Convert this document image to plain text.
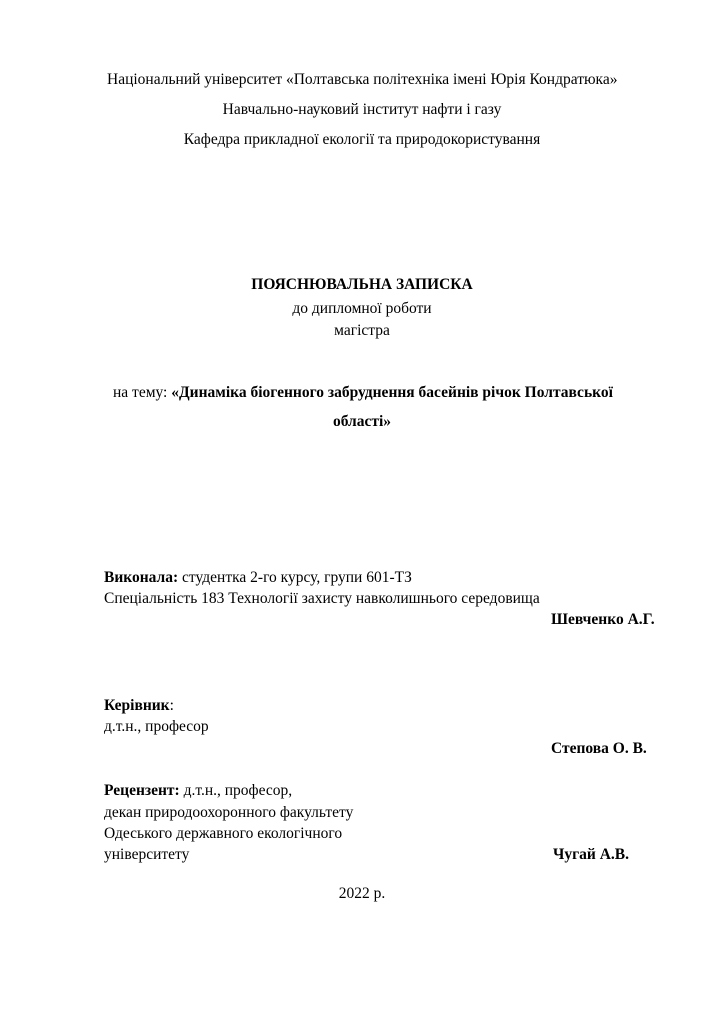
Національний університет «Полтавська політехніка імені Юрія Кондратюка»
Навчально-науковий інститут нафти і газу
Кафедра прикладної екології та природокористування
ПОЯСНЮВАЛЬНА ЗАПИСКА
до дипломної роботи
магістра
на тему: «Динаміка біогенного забруднення басейнів річок Полтавської
області»
Виконала: студентка 2-го курсу, групи 601-ТЗ
Спеціальність 183 Технології захисту навколишнього середовища
Шевченко А.Г.
Керівник:
д.т.н., професор
Степова О. В.
Рецензент: д.т.н., професор,
декан природоохоронного факультету
Одеського державного екологічного
університету	Чугай А.В.
2022 р.
